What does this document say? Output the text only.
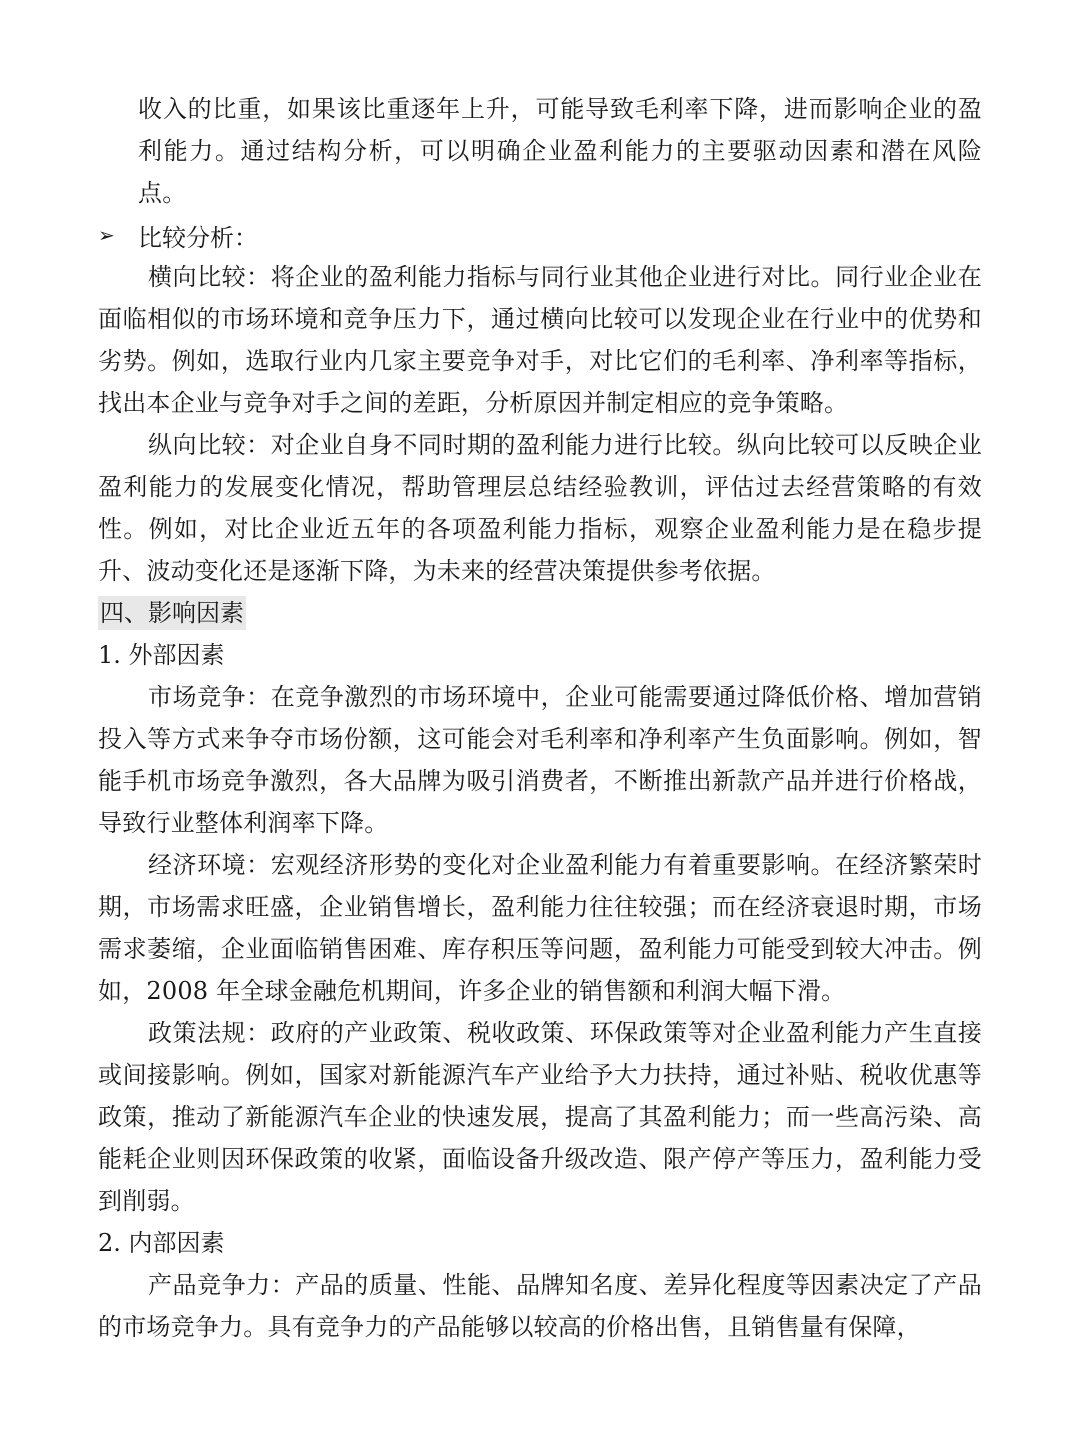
收入的比重，如果该比重逐年上升，可能导致毛利率下降，进而影响企业的盈利能力。通过结构分析，可以明确企业盈利能力的主要驱动因素和潜在风险点。

➢ 比较分析：

横向比较：将企业的盈利能力指标与同行业其他企业进行对比。同行业企业在面临相似的市场环境和竞争压力下，通过横向比较可以发现企业在行业中的优势和劣势。例如，选取行业内几家主要竞争对手，对比它们的毛利率、净利率等指标，找出本企业与竞争对手之间的差距，分析原因并制定相应的竞争策略。

纵向比较：对企业自身不同时期的盈利能力进行比较。纵向比较可以反映企业盈利能力的发展变化情况，帮助管理层总结经验教训，评估过去经营策略的有效性。例如，对比企业近五年的各项盈利能力指标，观察企业盈利能力是在稳步提升、波动变化还是逐渐下降，为未来的经营决策提供参考依据。

四、影响因素
1. 外部因素

市场竞争：在竞争激烈的市场环境中，企业可能需要通过降低价格、增加营销投入等方式来争夺市场份额，这可能会对毛利率和净利率产生负面影响。例如，智能手机市场竞争激烈，各大品牌为吸引消费者，不断推出新款产品并进行价格战，导致行业整体利润率下降。

经济环境：宏观经济形势的变化对企业盈利能力有着重要影响。在经济繁荣时期，市场需求旺盛，企业销售增长，盈利能力往往较强；而在经济衰退时期，市场需求萎缩，企业面临销售困难、库存积压等问题，盈利能力可能受到较大冲击。例如，2008 年全球金融危机期间，许多企业的销售额和利润大幅下滑。

政策法规：政府的产业政策、税收政策、环保政策等对企业盈利能力产生直接或间接影响。例如，国家对新能源汽车产业给予大力扶持，通过补贴、税收优惠等政策，推动了新能源汽车企业的快速发展，提高了其盈利能力；而一些高污染、高能耗企业则因环保政策的收紧，面临设备升级改造、限产停产等压力，盈利能力受到削弱。

2. 内部因素

产品竞争力：产品的质量、性能、品牌知名度、差异化程度等因素决定了产品的市场竞争力。具有竞争力的产品能够以较高的价格出售，且销售量有保障，
